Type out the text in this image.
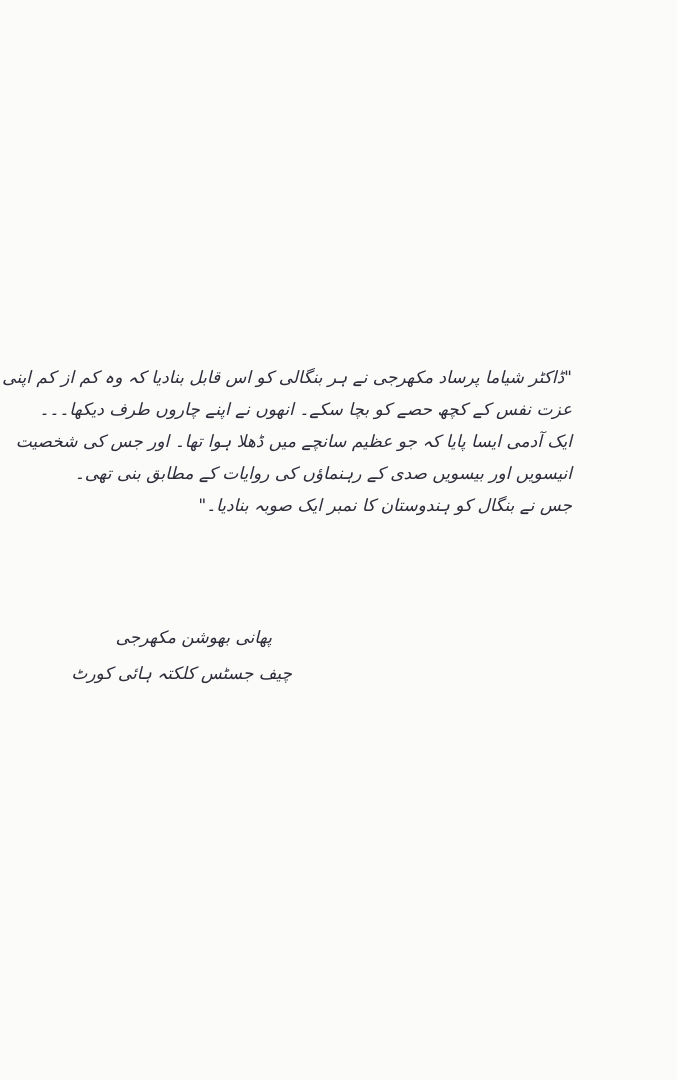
"ڈاکٹر شیاما پرساد مکھرجی نے ہر بنگالی کو اس قابل بنادیا کہ وہ کم از کم اپنی
عزت نفس کے کچھ حصے کو بچا سکے۔ انھوں نے اپنے چاروں طرف دیکھا۔۔۔
ایک آدمی ایسا پایا کہ جو عظیم سانچے میں ڈھلا ہوا تھا۔ اور جس کی شخصیت
انیسویں اور بیسویں صدی کے رہنماؤں کی روایات کے مطابق بنی تھی۔
جس نے بنگال کو ہندوستان کا نمبر ایک صوبہ بنادیا۔"
پھانی بھوشن مکھرجی
چیف جسٹس کلکتہ ہائی کورٹ
